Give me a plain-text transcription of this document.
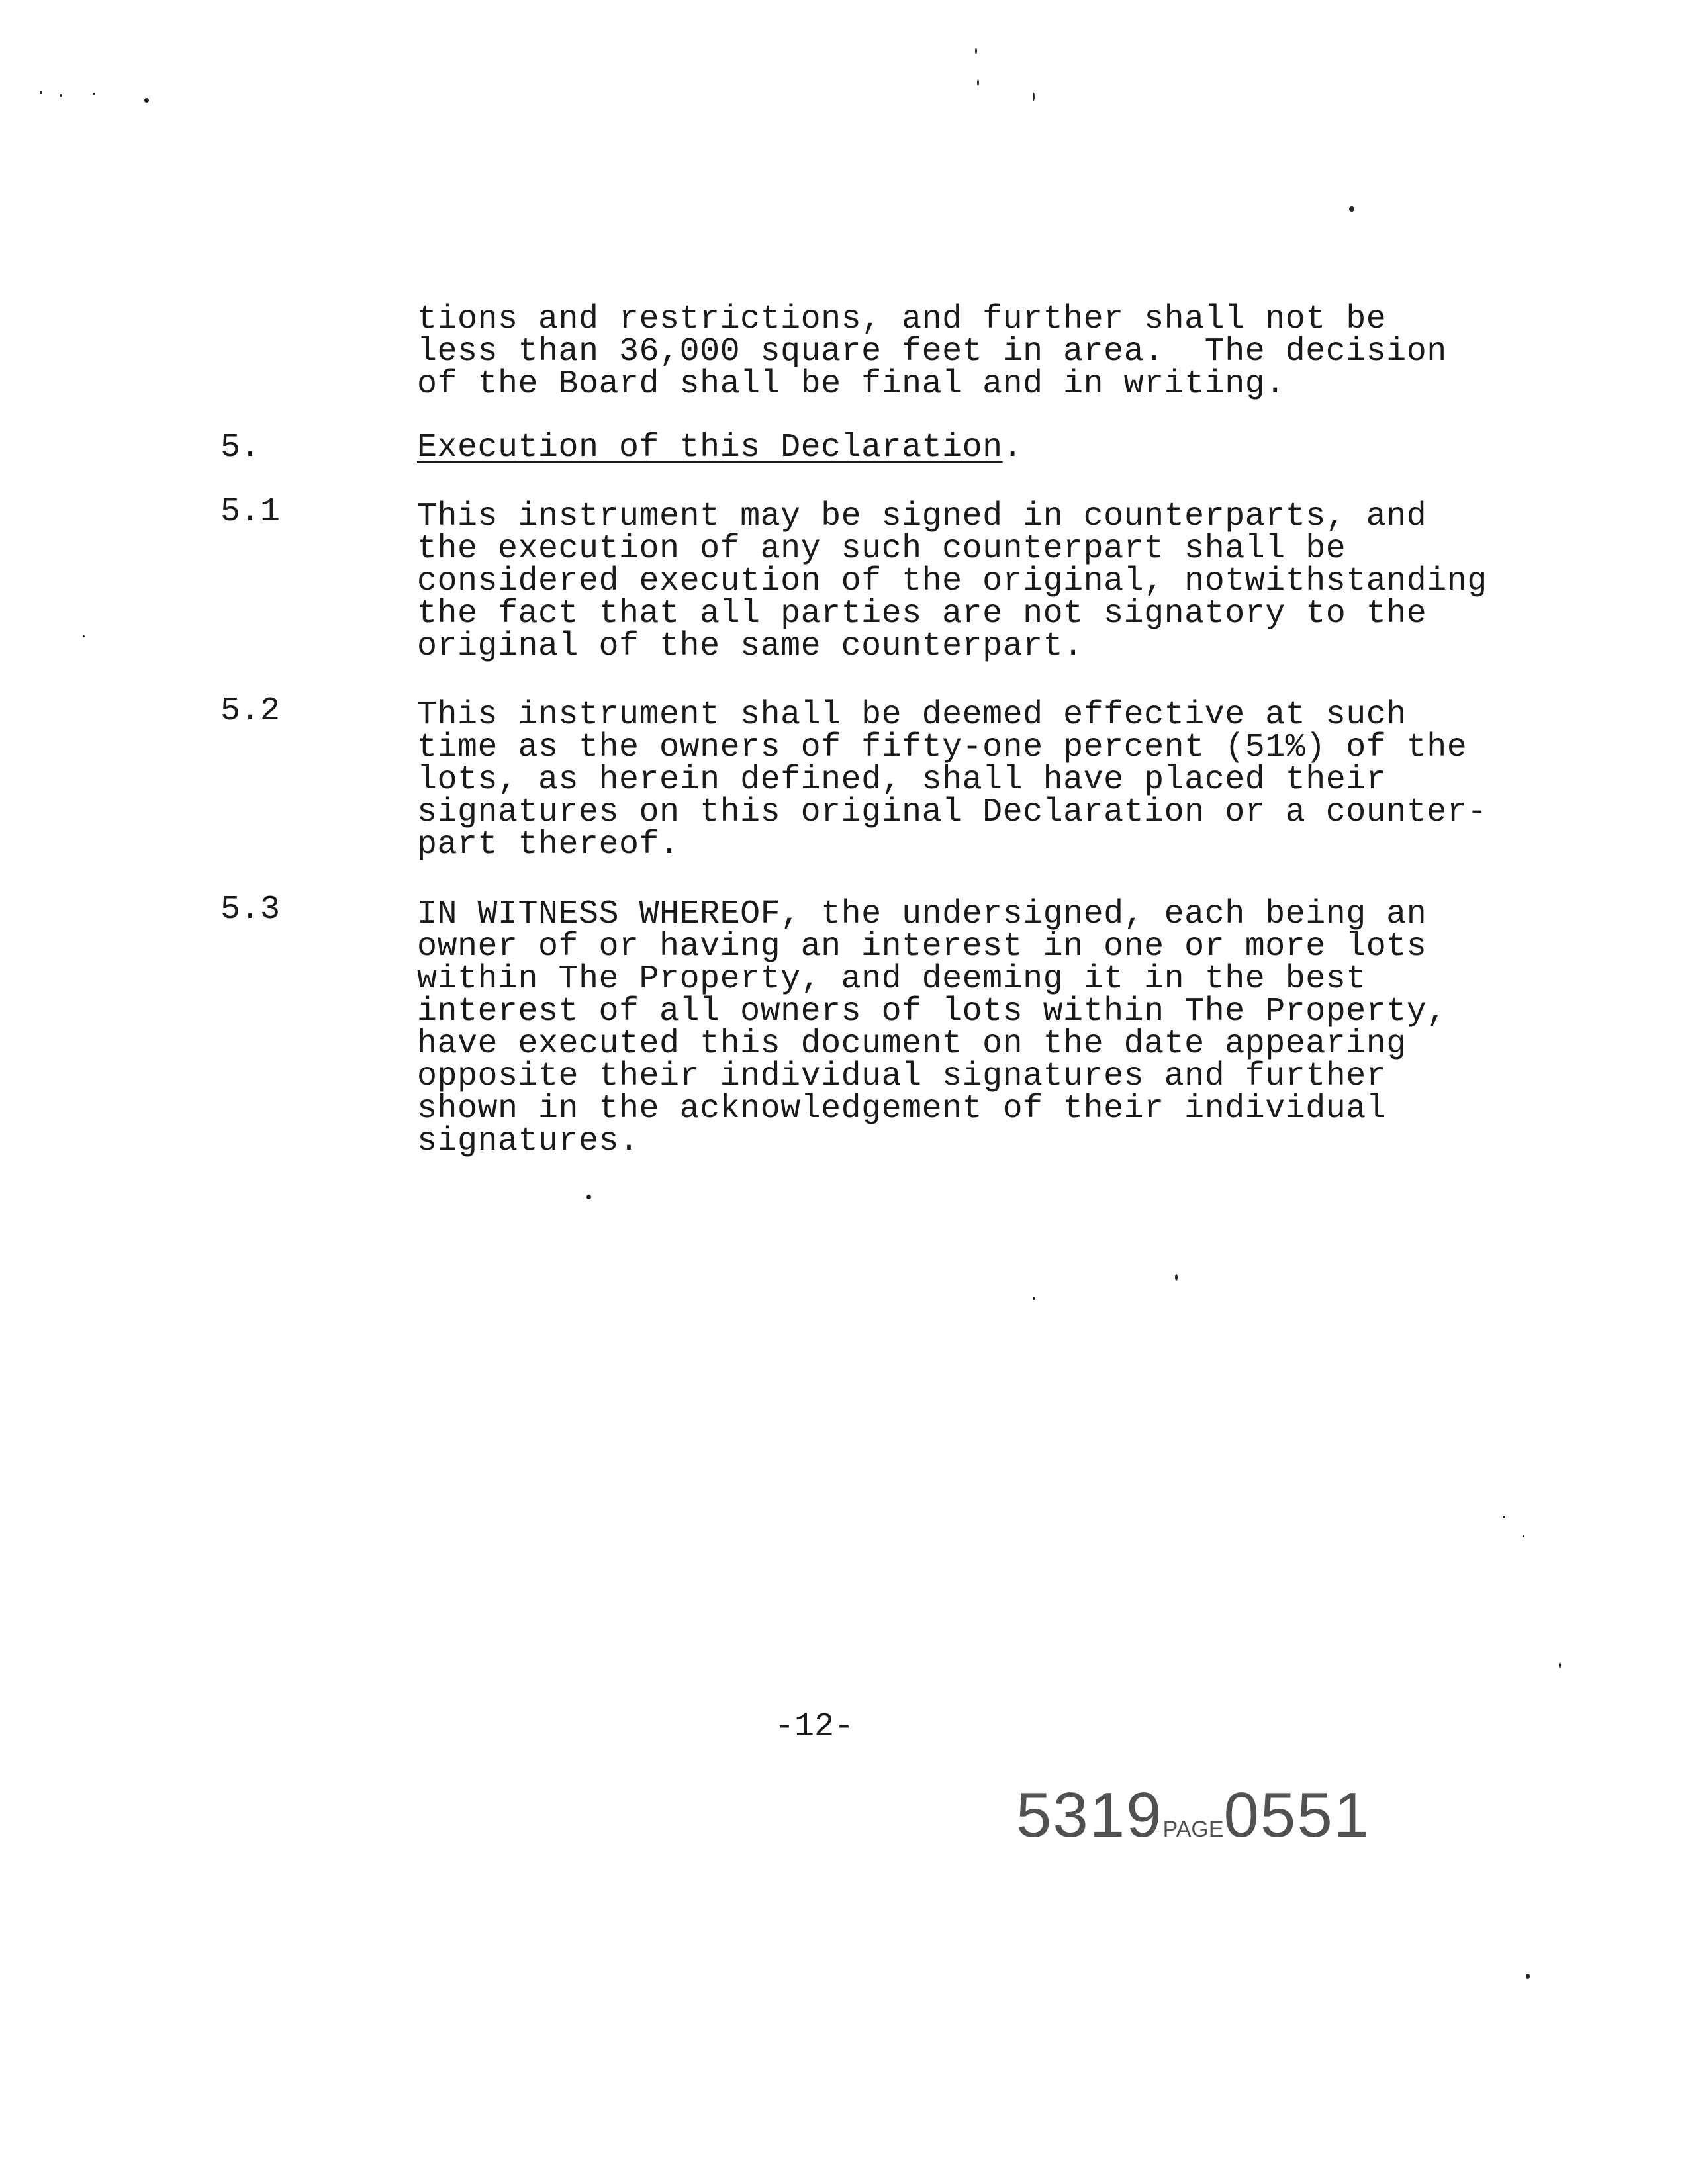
tions and restrictions, and further shall not be
less than 36,000 square feet in area.  The decision
of the Board shall be final and in writing.
5.	Execution of this Declaration.
5.1	This instrument may be signed in counterparts, and
the execution of any such counterpart shall be
considered execution of the original, notwithstanding
the fact that all parties are not signatory to the
original of the same counterpart.
5.2	This instrument shall be deemed effective at such
time as the owners of fifty-one percent (51%) of the
lots, as herein defined, shall have placed their
signatures on this original Declaration or a counter-
part thereof.
5.3	IN WITNESS WHEREOF, the undersigned, each being an
owner of or having an interest in one or more lots
within The Property, and deeming it in the best
interest of all owners of lots within The Property,
have executed this document on the date appearing
opposite their individual signatures and further
shown in the acknowledgement of their individual
signatures.
-12-
5319PAGE0551
